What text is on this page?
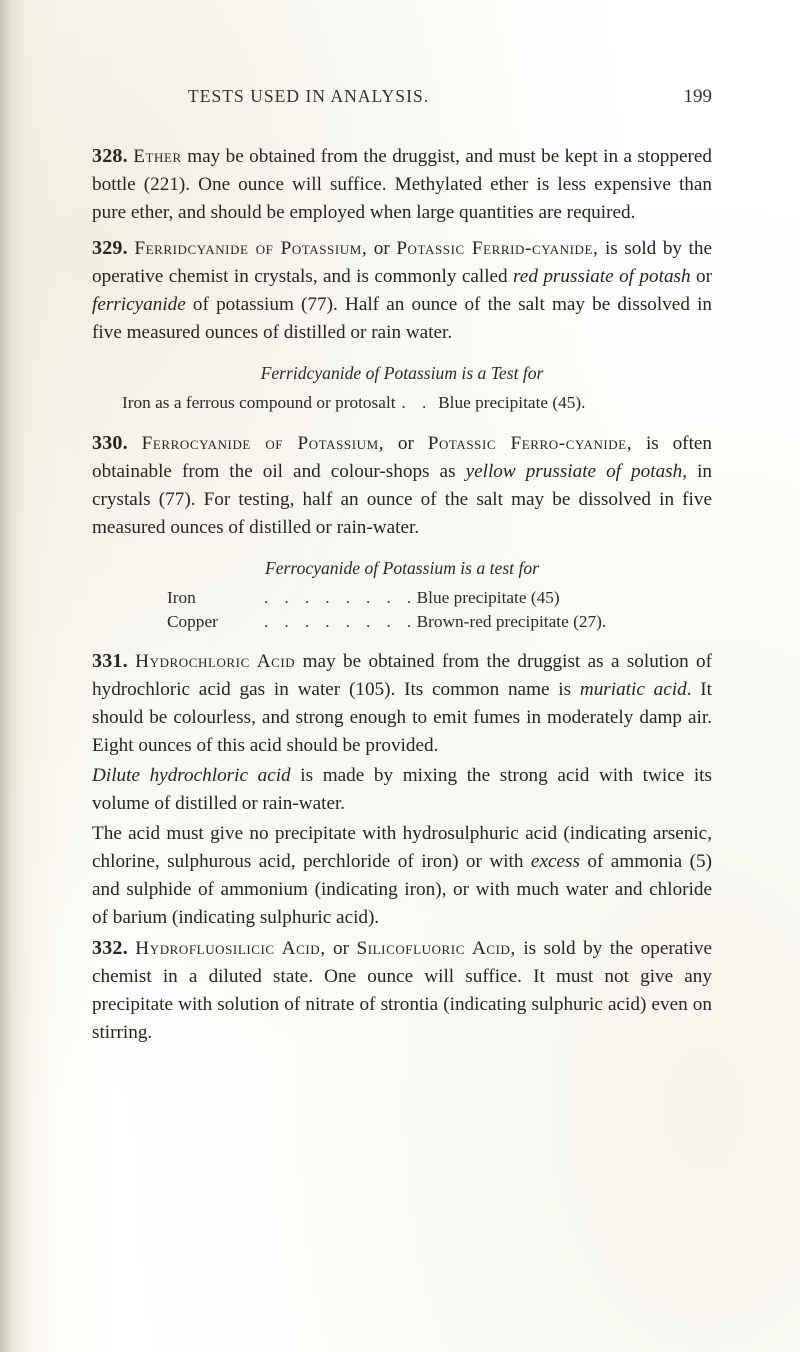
TESTS USED IN ANALYSIS.	199

328. Ether may be obtained from the druggist, and must be kept in a stoppered bottle (221). One ounce will suffice. Methylated ether is less expensive than pure ether, and should be employed when large quantities are required.

329. Ferridcyanide of Potassium, or Potassic Ferrid-cyanide, is sold by the operative chemist in crystals, and is commonly called red prussiate of potash or ferricyanide of potassium (77). Half an ounce of the salt may be dissolved in five measured ounces of distilled or rain water.

Ferridcyanide of Potassium is a Test for
Iron as a ferrous compound or protosalt . . Blue precipitate (45).

330. Ferrocyanide of Potassium, or Potassic Ferro-cyanide, is often obtainable from the oil and colour-shops as yellow prussiate of potash, in crystals (77). For testing, half an ounce of the salt may be dissolved in five measured ounces of distilled or rain-water.

Ferrocyanide of Potassium is a test for
Iron	. . . . . . . . Blue precipitate (45)
Copper	. . . . . . . . Brown-red precipitate (27).

331. Hydrochloric Acid may be obtained from the druggist as a solution of hydrochloric acid gas in water (105). Its common name is muriatic acid. It should be colourless, and strong enough to emit fumes in moderately damp air. Eight ounces of this acid should be provided.

Dilute hydrochloric acid is made by mixing the strong acid with twice its volume of distilled or rain-water.

The acid must give no precipitate with hydrosulphuric acid (indicating arsenic, chlorine, sulphurous acid, perchloride of iron) or with excess of ammonia (5) and sulphide of ammonium (indicating iron), or with much water and chloride of barium (indicating sulphuric acid).

332. Hydrofluosilicic Acid, or Silicofluoric Acid, is sold by the operative chemist in a diluted state. One ounce will suffice. It must not give any precipitate with solution of nitrate of strontia (indicating sulphuric acid) even on stirring.
